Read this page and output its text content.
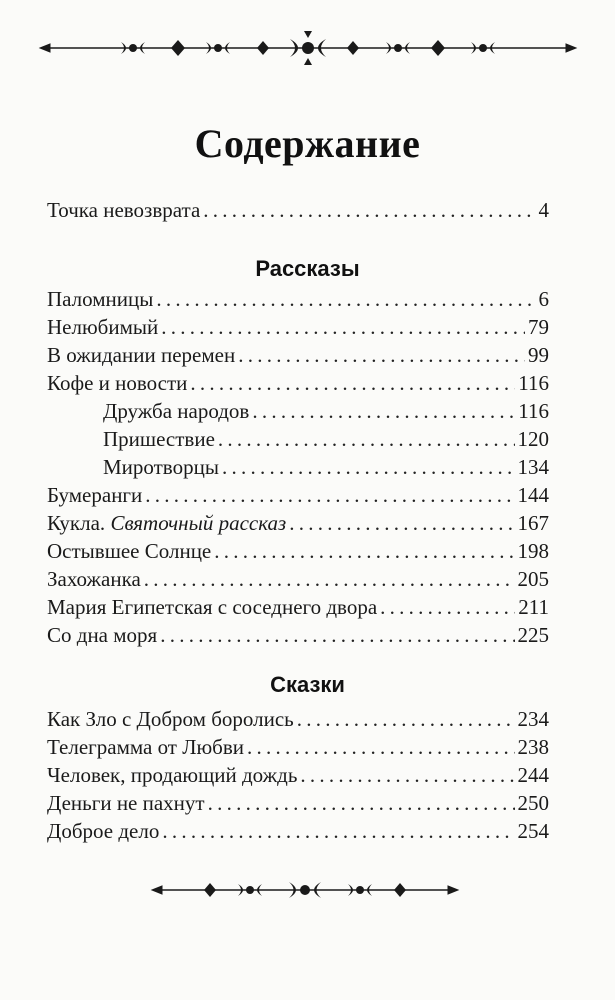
Содержание
Точка невозврата . . .	4
Рассказы
Паломницы . . .	6
Нелюбимый . . .	79
В ожидании перемен . . .	99
Кофе и новости . . .	116
Дружба народов . . .	116
Пришествие . . .	120
Миротворцы . . .	134
Бумеранги . . .	144
Кукла. Святочный рассказ . . .	167
Остывшее Солнце . . .	198
Захожанка . . .	205
Мария Египетская с соседнего двора . . .	211
Со дна моря . . .	225
Сказки
Как Зло с Добром боролись . . .	234
Телеграмма от Любви . . .	238
Человек, продающий дождь . . .	244
Деньги не пахнут . . .	250
Доброе дело . . .	254
